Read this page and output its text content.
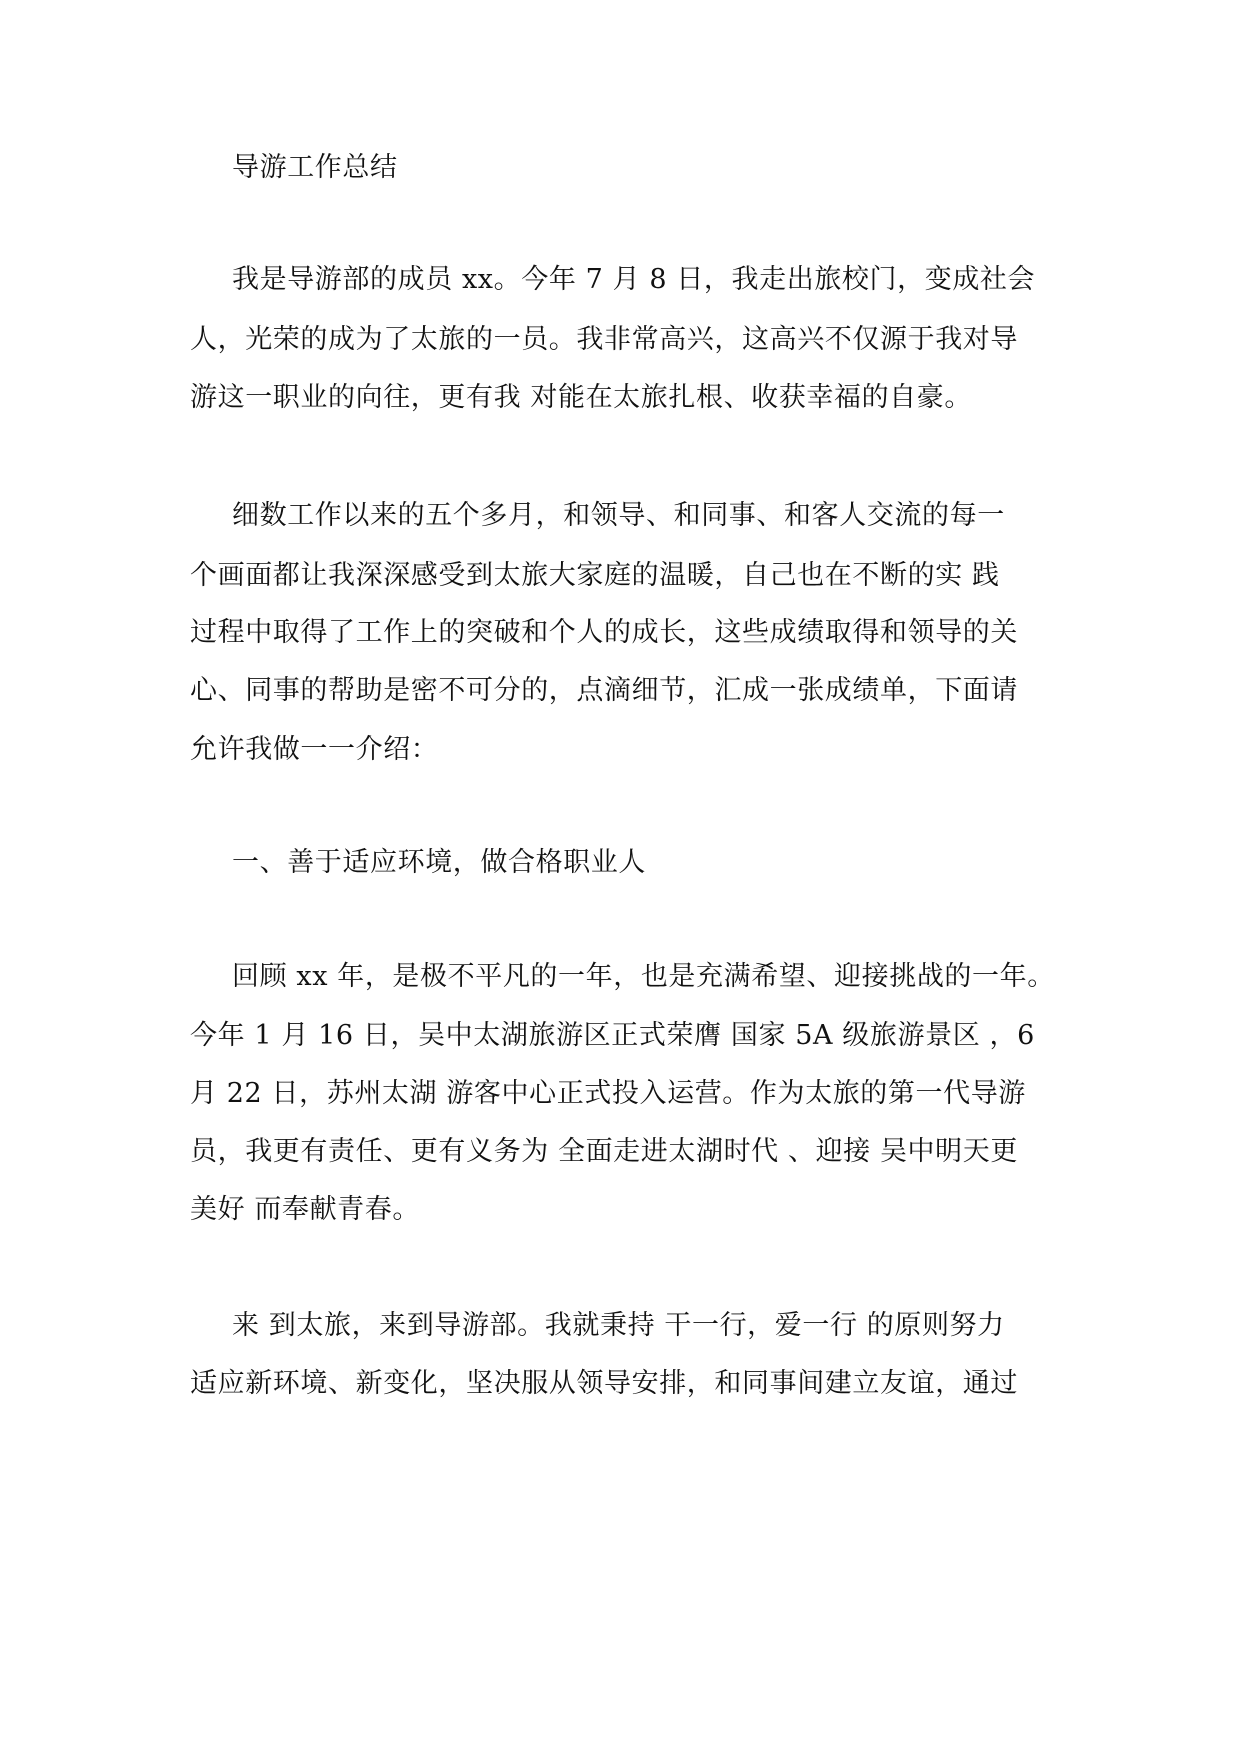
导游工作总结
我是导游部的成员 xx。今年 7 月 8 日，我走出旅校门，变成社会
人，光荣的成为了太旅的一员。我非常高兴，这高兴不仅源于我对导
游这一职业的向往，更有我 对能在太旅扎根、收获幸福的自豪。
细数工作以来的五个多月，和领导、和同事、和客人交流的每一
个画面都让我深深感受到太旅大家庭的温暖，自己也在不断的实 践
过程中取得了工作上的突破和个人的成长，这些成绩取得和领导的关
心、同事的帮助是密不可分的，点滴细节，汇成一张成绩单，下面请
允许我做一一介绍：
一、善于适应环境，做合格职业人
回顾 xx 年，是极不平凡的一年，也是充满希望、迎接挑战的一年。
今年 1 月 16 日，吴中太湖旅游区正式荣膺 国家 5A 级旅游景区 ，6
月 22 日，苏州太湖 游客中心正式投入运营。作为太旅的第一代导游
员，我更有责任、更有义务为 全面走进太湖时代 、迎接 吴中明天更
美好 而奉献青春。
来 到太旅，来到导游部。我就秉持 干一行，爱一行 的原则努力
适应新环境、新变化，坚决服从领导安排，和同事间建立友谊，通过
